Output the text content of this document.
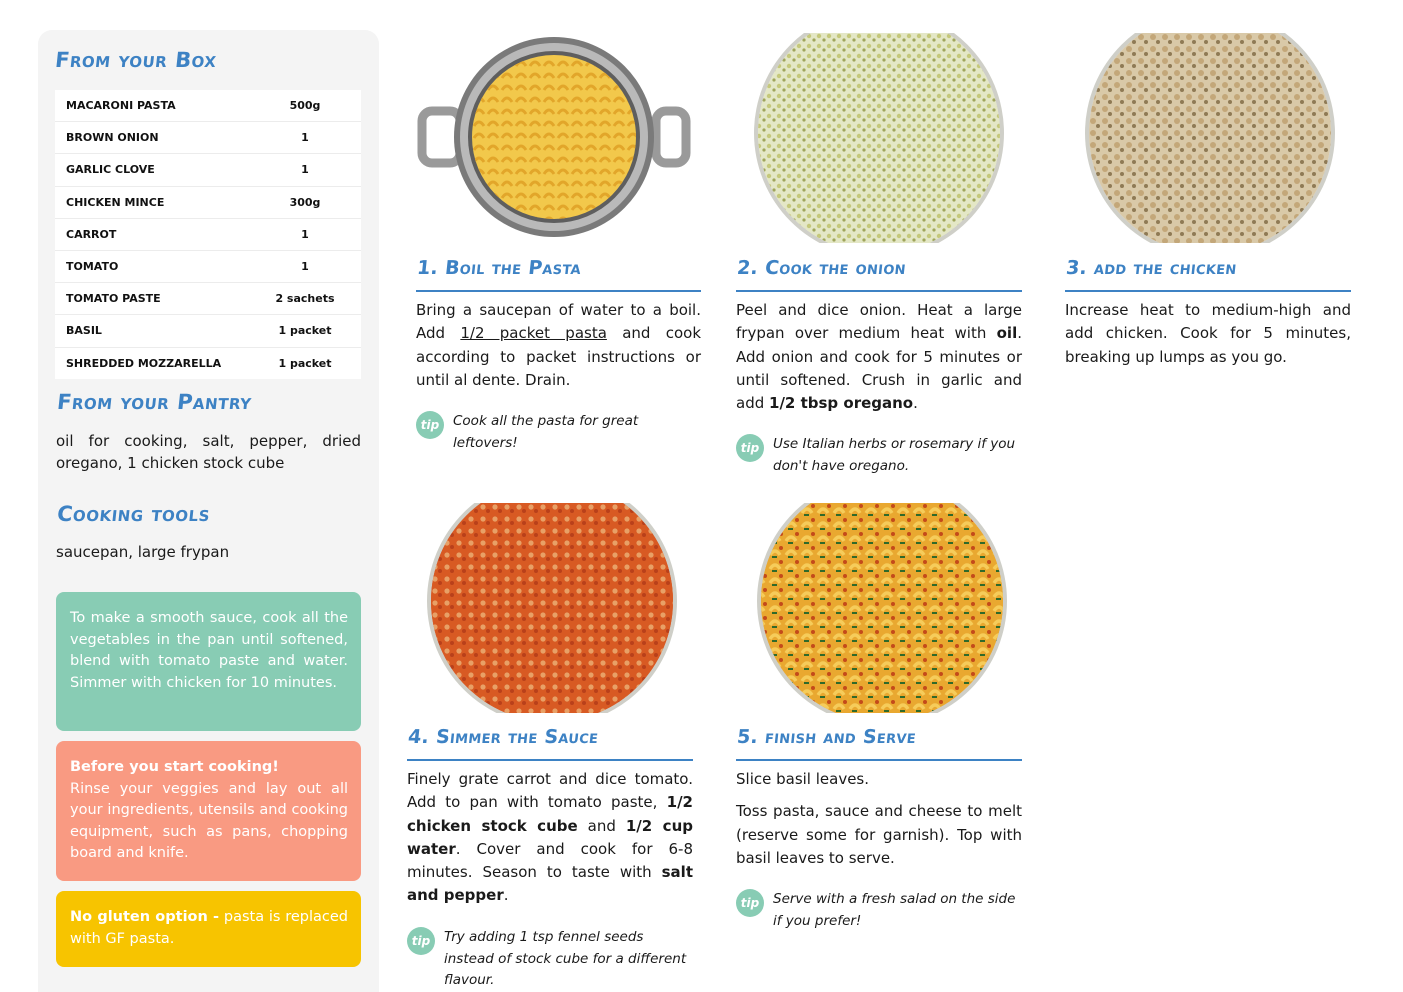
From your Box
MACARONI PASTA	500g
BROWN ONION	1
GARLIC CLOVE	1
CHICKEN MINCE	300g
CARROT	1
TOMATO	1
TOMATO PASTE	2 sachets
BASIL	1 packet
SHREDDED MOZZARELLA	1 packet
From your Pantry
oil for cooking, salt, pepper, dried oregano, 1 chicken stock cube
Cooking tools
saucepan, large frypan
To make a smooth sauce, cook all the vegetables in the pan until softened, blend with tomato paste and water. Simmer with chicken for 10 minutes.
Before you start cooking!
Rinse your veggies and lay out all your ingredients, utensils and cooking equipment, such as pans, chopping board and knife.
No gluten option - pasta is replaced with GF pasta.
1. Boil the Pasta
Bring a saucepan of water to a boil. Add 1/2 packet pasta and cook according to packet instructions or until al dente. Drain.
tip	Cook all the pasta for great leftovers!
2. Cook the onion
Peel and dice onion. Heat a large frypan over medium heat with oil. Add onion and cook for 5 minutes or until softened. Crush in garlic and add 1/2 tbsp oregano.
tip	Use Italian herbs or rosemary if you don't have oregano.
3. add the chicken
Increase heat to medium-high and add chicken. Cook for 5 minutes, breaking up lumps as you go.
4. Simmer the Sauce
Finely grate carrot and dice tomato. Add to pan with tomato paste, 1/2 chicken stock cube and 1/2 cup water. Cover and cook for 6-8 minutes. Season to taste with salt and pepper.
tip	Try adding 1 tsp fennel seeds instead of stock cube for a different flavour.
5. finish and Serve

Slice basil leaves.

Toss pasta, sauce and cheese to melt (reserve some for garnish). Top with basil leaves to serve.

tip	Serve with a fresh salad on the side if you prefer!
